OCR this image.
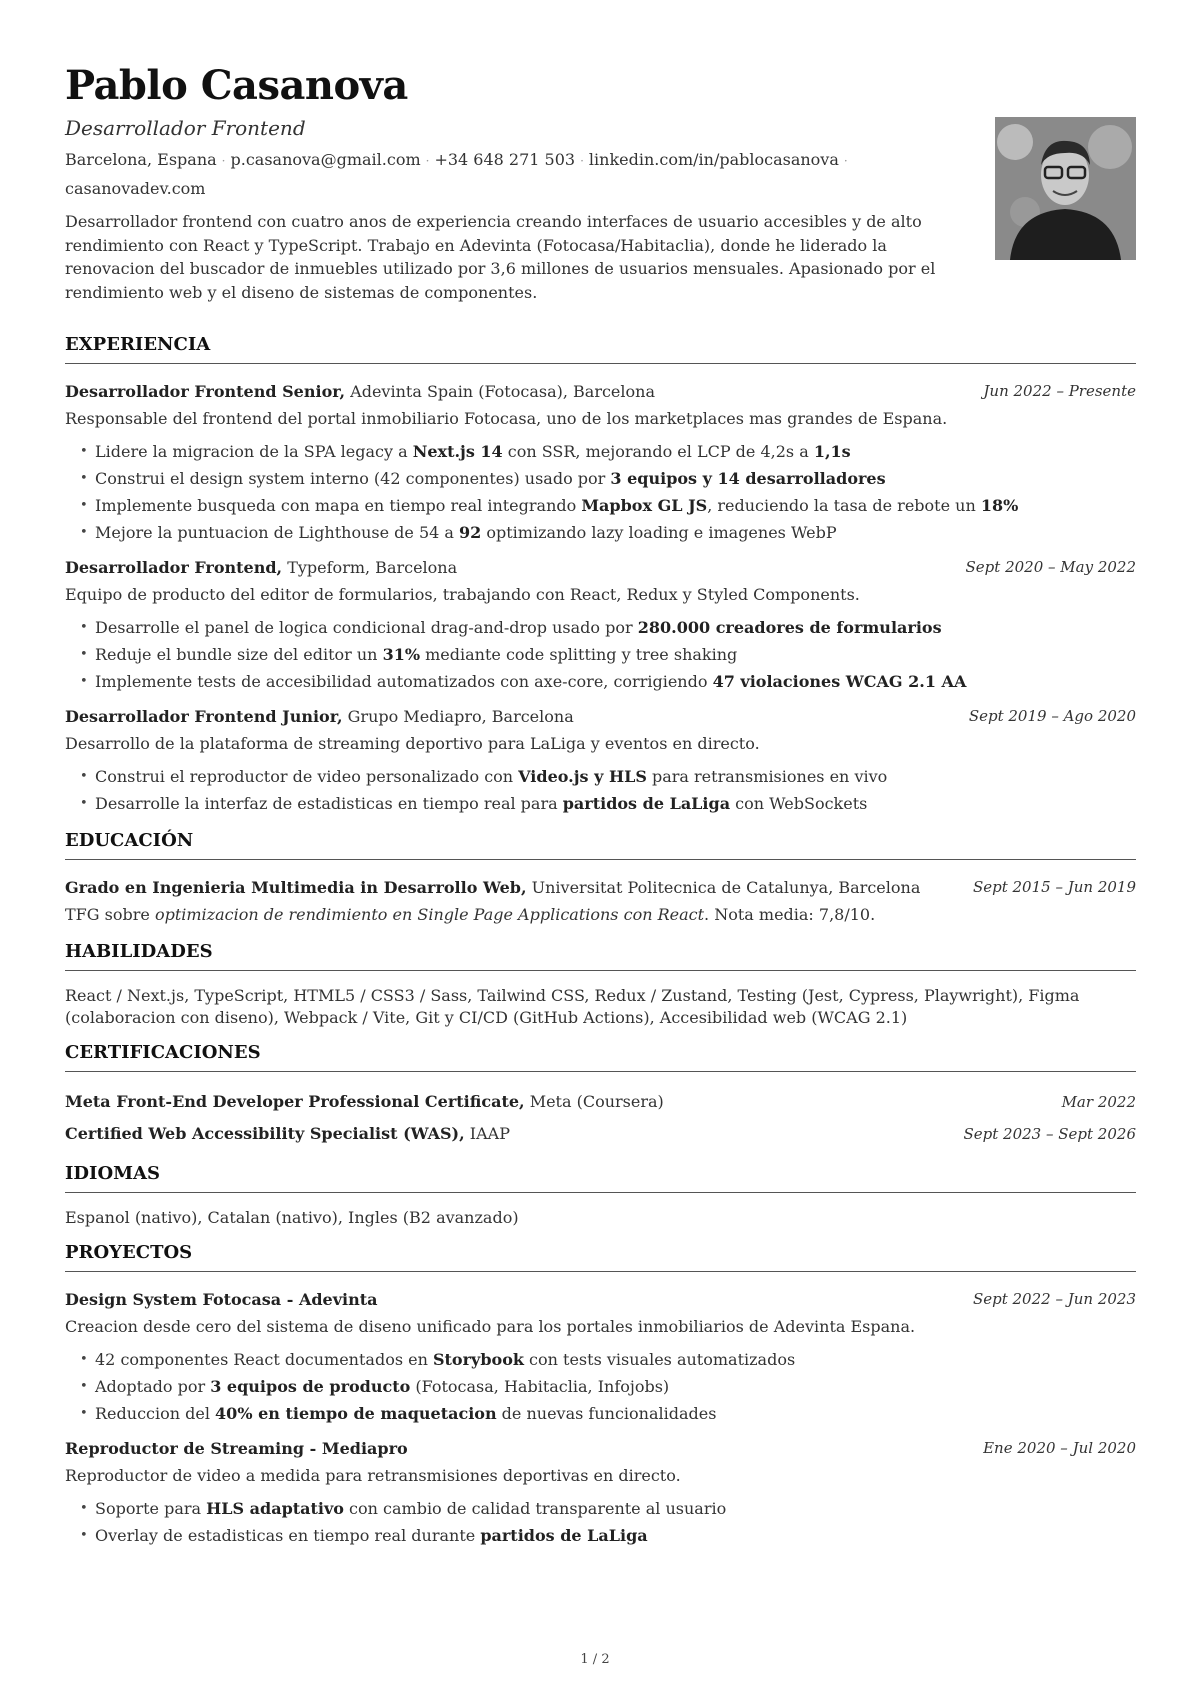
Pablo Casanova
Desarrollador Frontend
Barcelona, Espana · p.casanova@gmail.com · +34 648 271 503 · linkedin.com/in/pablocasanova ·
casanovadev.com
Desarrollador frontend con cuatro anos de experiencia creando interfaces de usuario accesibles y de alto rendimiento con React y TypeScript. Trabajo en Adevinta (Fotocasa/Habitaclia), donde he liderado la renovacion del buscador de inmuebles utilizado por 3,6 millones de usuarios mensuales. Apasionado por el rendimiento web y el diseno de sistemas de componentes.
EXPERIENCIA
Desarrollador Frontend Senior, Adevinta Spain (Fotocasa), Barcelona	Jun 2022 – Presente
Responsable del frontend del portal inmobiliario Fotocasa, uno de los marketplaces mas grandes de Espana.
• Lidere la migracion de la SPA legacy a Next.js 14 con SSR, mejorando el LCP de 4,2s a 1,1s
• Construi el design system interno (42 componentes) usado por 3 equipos y 14 desarrolladores
• Implemente busqueda con mapa en tiempo real integrando Mapbox GL JS, reduciendo la tasa de rebote un 18%
• Mejore la puntuacion de Lighthouse de 54 a 92 optimizando lazy loading e imagenes WebP
Desarrollador Frontend, Typeform, Barcelona	Sept 2020 – May 2022
Equipo de producto del editor de formularios, trabajando con React, Redux y Styled Components.
• Desarrolle el panel de logica condicional drag-and-drop usado por 280.000 creadores de formularios
• Reduje el bundle size del editor un 31% mediante code splitting y tree shaking
• Implemente tests de accesibilidad automatizados con axe-core, corrigiendo 47 violaciones WCAG 2.1 AA
Desarrollador Frontend Junior, Grupo Mediapro, Barcelona	Sept 2019 – Ago 2020
Desarrollo de la plataforma de streaming deportivo para LaLiga y eventos en directo.
• Construi el reproductor de video personalizado con Video.js y HLS para retransmisiones en vivo
• Desarrolle la interfaz de estadisticas en tiempo real para partidos de LaLiga con WebSockets
EDUCACIÓN
Grado en Ingenieria Multimedia in Desarrollo Web, Universitat Politecnica de Catalunya, Barcelona	Sept 2015 – Jun 2019
TFG sobre optimizacion de rendimiento en Single Page Applications con React. Nota media: 7,8/10.
HABILIDADES
React / Next.js, TypeScript, HTML5 / CSS3 / Sass, Tailwind CSS, Redux / Zustand, Testing (Jest, Cypress, Playwright), Figma (colaboracion con diseno), Webpack / Vite, Git y CI/CD (GitHub Actions), Accesibilidad web (WCAG 2.1)
CERTIFICACIONES
Meta Front-End Developer Professional Certificate, Meta (Coursera)	Mar 2022
Certified Web Accessibility Specialist (WAS), IAAP	Sept 2023 – Sept 2026
IDIOMAS
Espanol (nativo), Catalan (nativo), Ingles (B2 avanzado)
PROYECTOS
Design System Fotocasa - Adevinta	Sept 2022 – Jun 2023
Creacion desde cero del sistema de diseno unificado para los portales inmobiliarios de Adevinta Espana.
• 42 componentes React documentados en Storybook con tests visuales automatizados
• Adoptado por 3 equipos de producto (Fotocasa, Habitaclia, Infojobs)
• Reduccion del 40% en tiempo de maquetacion de nuevas funcionalidades
Reproductor de Streaming - Mediapro	Ene 2020 – Jul 2020
Reproductor de video a medida para retransmisiones deportivas en directo.
• Soporte para HLS adaptativo con cambio de calidad transparente al usuario
• Overlay de estadisticas en tiempo real durante partidos de LaLiga
1 / 2
